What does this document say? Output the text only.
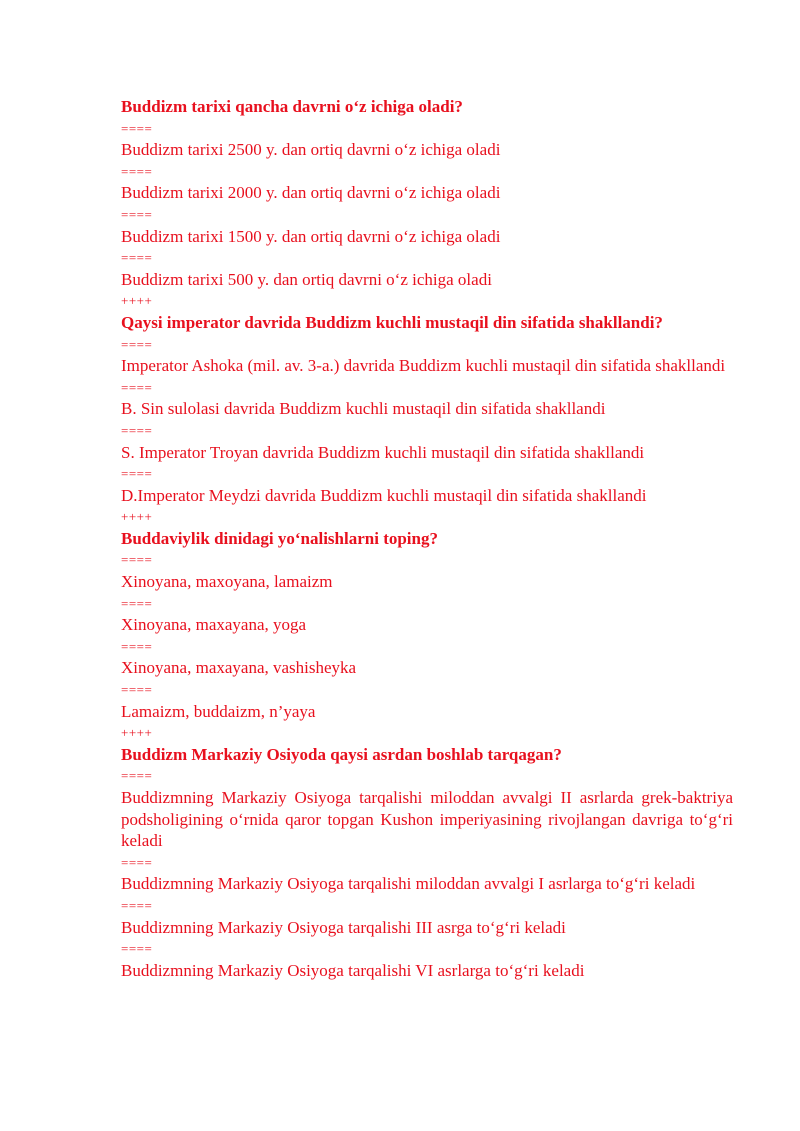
Buddizm tarixi qancha davrni o‘z ichiga oladi?
====
Buddizm tarixi 2500 y. dan ortiq davrni o‘z ichiga oladi
====
Buddizm tarixi 2000 y. dan ortiq davrni o‘z ichiga oladi
====
Buddizm tarixi 1500 y. dan ortiq davrni o‘z ichiga oladi
====
Buddizm tarixi 500 y. dan ortiq davrni o‘z ichiga oladi
++++
Qaysi imperator davrida Buddizm kuchli mustaqil din sifatida shakllandi?
====
Imperator Ashoka (mil. av. 3-a.) davrida Buddizm kuchli mustaqil din sifatida shakllandi
====
B. Sin sulolasi davrida Buddizm kuchli mustaqil din sifatida shakllandi
====
S. Imperator Troyan davrida Buddizm kuchli mustaqil din sifatida shakllandi
====
D.Imperator Meydzi davrida Buddizm kuchli mustaqil din sifatida shakllandi
++++
Buddaviylik dinidagi yo‘nalishlarni toping?
====
Xinoyana, maxoyana, lamaizm
====
Xinoyana, maxayana, yoga
====
Xinoyana, maxayana, vashisheyka
====
Lamaizm, buddaizm, n’yaya
++++
Buddizm Markaziy Osiyoda qaysi asrdan boshlab tarqagan?
====
Buddizmning Markaziy Osiyoga tarqalishi miloddan avvalgi II asrlarda grek-baktriya podsholigining o‘rnida qaror topgan Kushon imperiyasining rivojlangan davriga to‘g‘ri keladi
====
Buddizmning Markaziy Osiyoga tarqalishi miloddan avvalgi I asrlarga to‘g‘ri keladi
====
Buddizmning Markaziy Osiyoga tarqalishi III asrga to‘g‘ri keladi
====
Buddizmning Markaziy Osiyoga tarqalishi VI asrlarga to‘g‘ri keladi
